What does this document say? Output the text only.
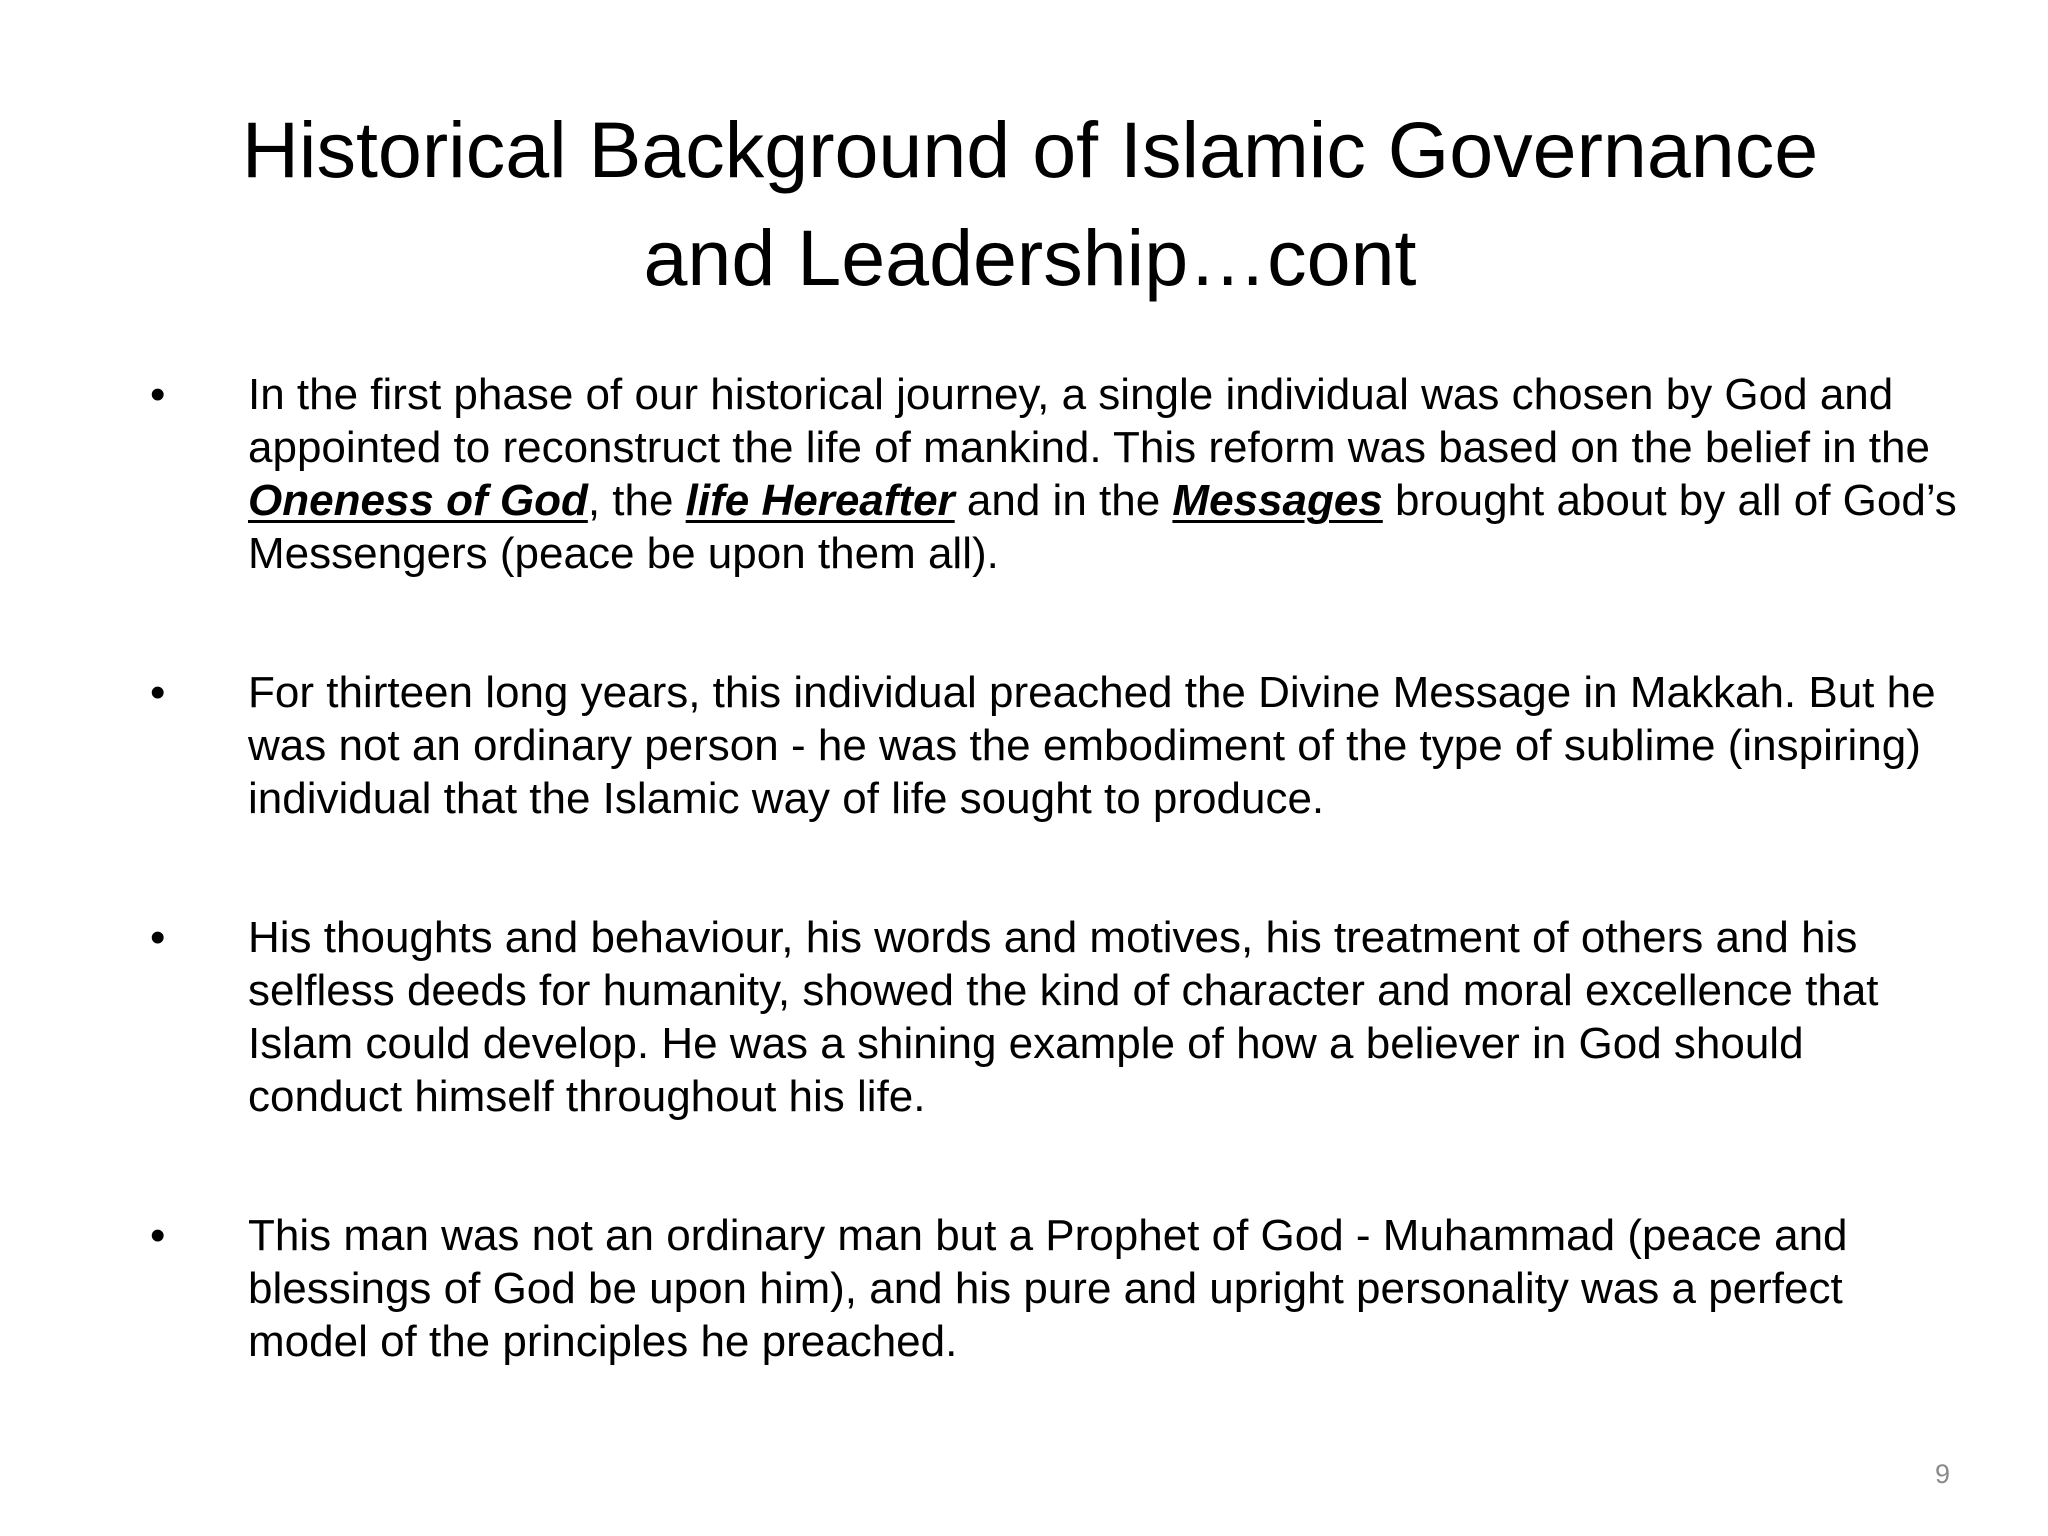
Historical Background of Islamic Governance
and Leadership…cont
• In the first phase of our historical journey, a single individual was chosen by God and appointed to reconstruct the life of mankind. This reform was based on the belief in the Oneness of God, the life Hereafter and in the Messages brought about by all of God’s Messengers (peace be upon them all).
• For thirteen long years, this individual preached the Divine Message in Makkah. But he was not an ordinary person - he was the embodiment of the type of sublime (inspiring) individual that the Islamic way of life sought to produce.
• His thoughts and behaviour, his words and motives, his treatment of others and his selfless deeds for humanity, showed the kind of character and moral excellence that Islam could develop. He was a shining example of how a believer in God should conduct himself throughout his life.
• This man was not an ordinary man but a Prophet of God - Muhammad (peace and blessings of God be upon him), and his pure and upright personality was a perfect model of the principles he preached.
9
